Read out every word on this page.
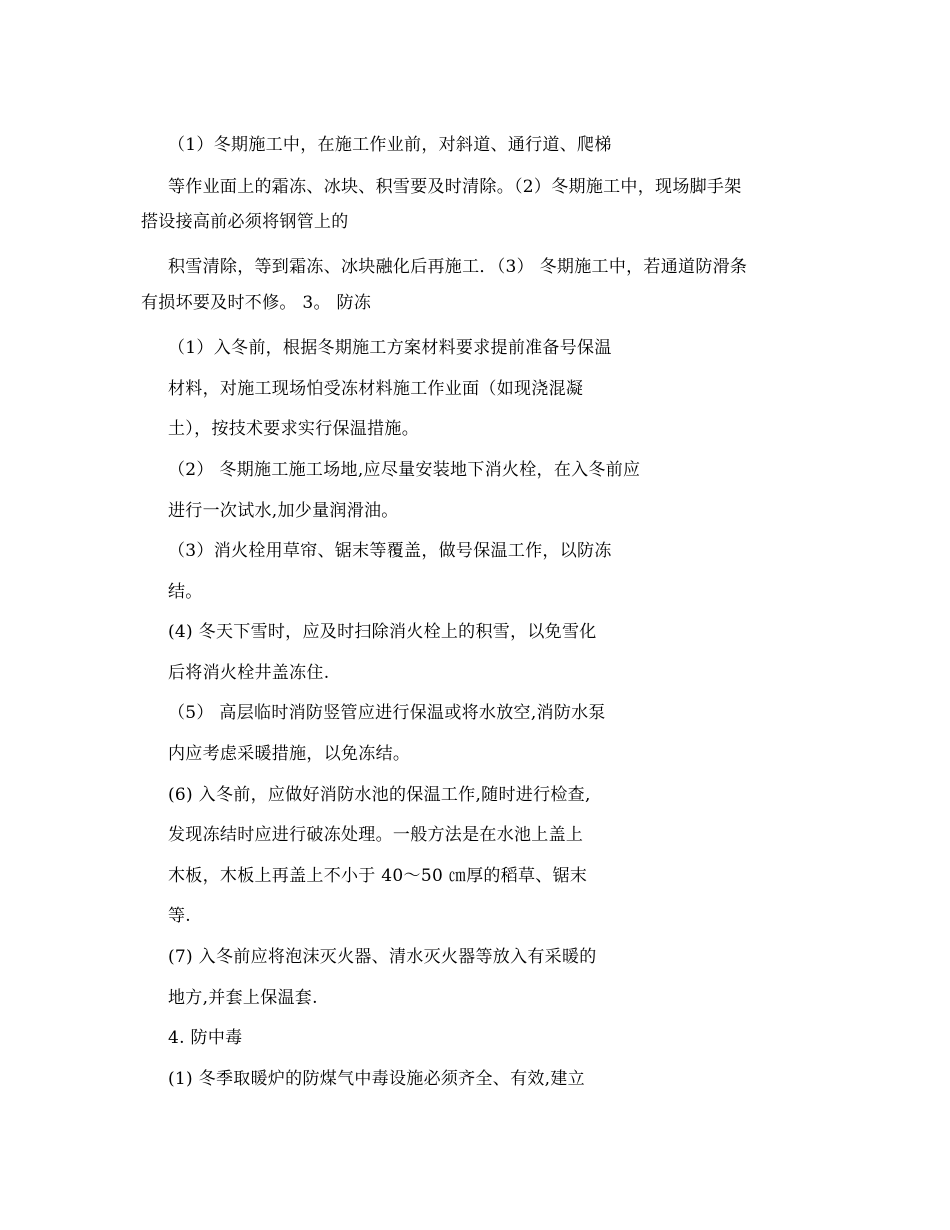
（1）冬期施工中，在施工作业前，对斜道、通行道、爬梯
等作业面上的霜冻、冰块、积雪要及时清除。（2）冬期施工中，现场脚手架
搭设接高前必须将钢管上的
积雪清除，等到霜冻、冰块融化后再施工．（3） 冬期施工中，若通道防滑条
有损坏要及时不修。 3。 防冻
（1）入冬前，根据冬期施工方案材料要求提前准备号保温
材料，对施工现场怕受冻材料施工作业面（如现浇混凝
土），按技术要求实行保温措施。
（2） 冬期施工施工场地,应尽量安装地下消火栓，在入冬前应
进行一次试水,加少量润滑油。
（3）消火栓用草帘、锯末等覆盖，做号保温工作，以防冻
结。
(4) 冬天下雪时，应及时扫除消火栓上的积雪，以免雪化
后将消火栓井盖冻住.
（5） 高层临时消防竖管应进行保温或将水放空,消防水泵
内应考虑采暖措施，以免冻结。
(6) 入冬前，应做好消防水池的保温工作,随时进行检查,
发现冻结时应进行破冻处理。一般方法是在水池上盖上
木板，木板上再盖上不小于 40～50 ㎝厚的稻草、锯末
等.
(7) 入冬前应将泡沫灭火器、清水灭火器等放入有采暖的
地方,并套上保温套.
4. 防中毒
(1) 冬季取暖炉的防煤气中毒设施必须齐全、有效,建立
